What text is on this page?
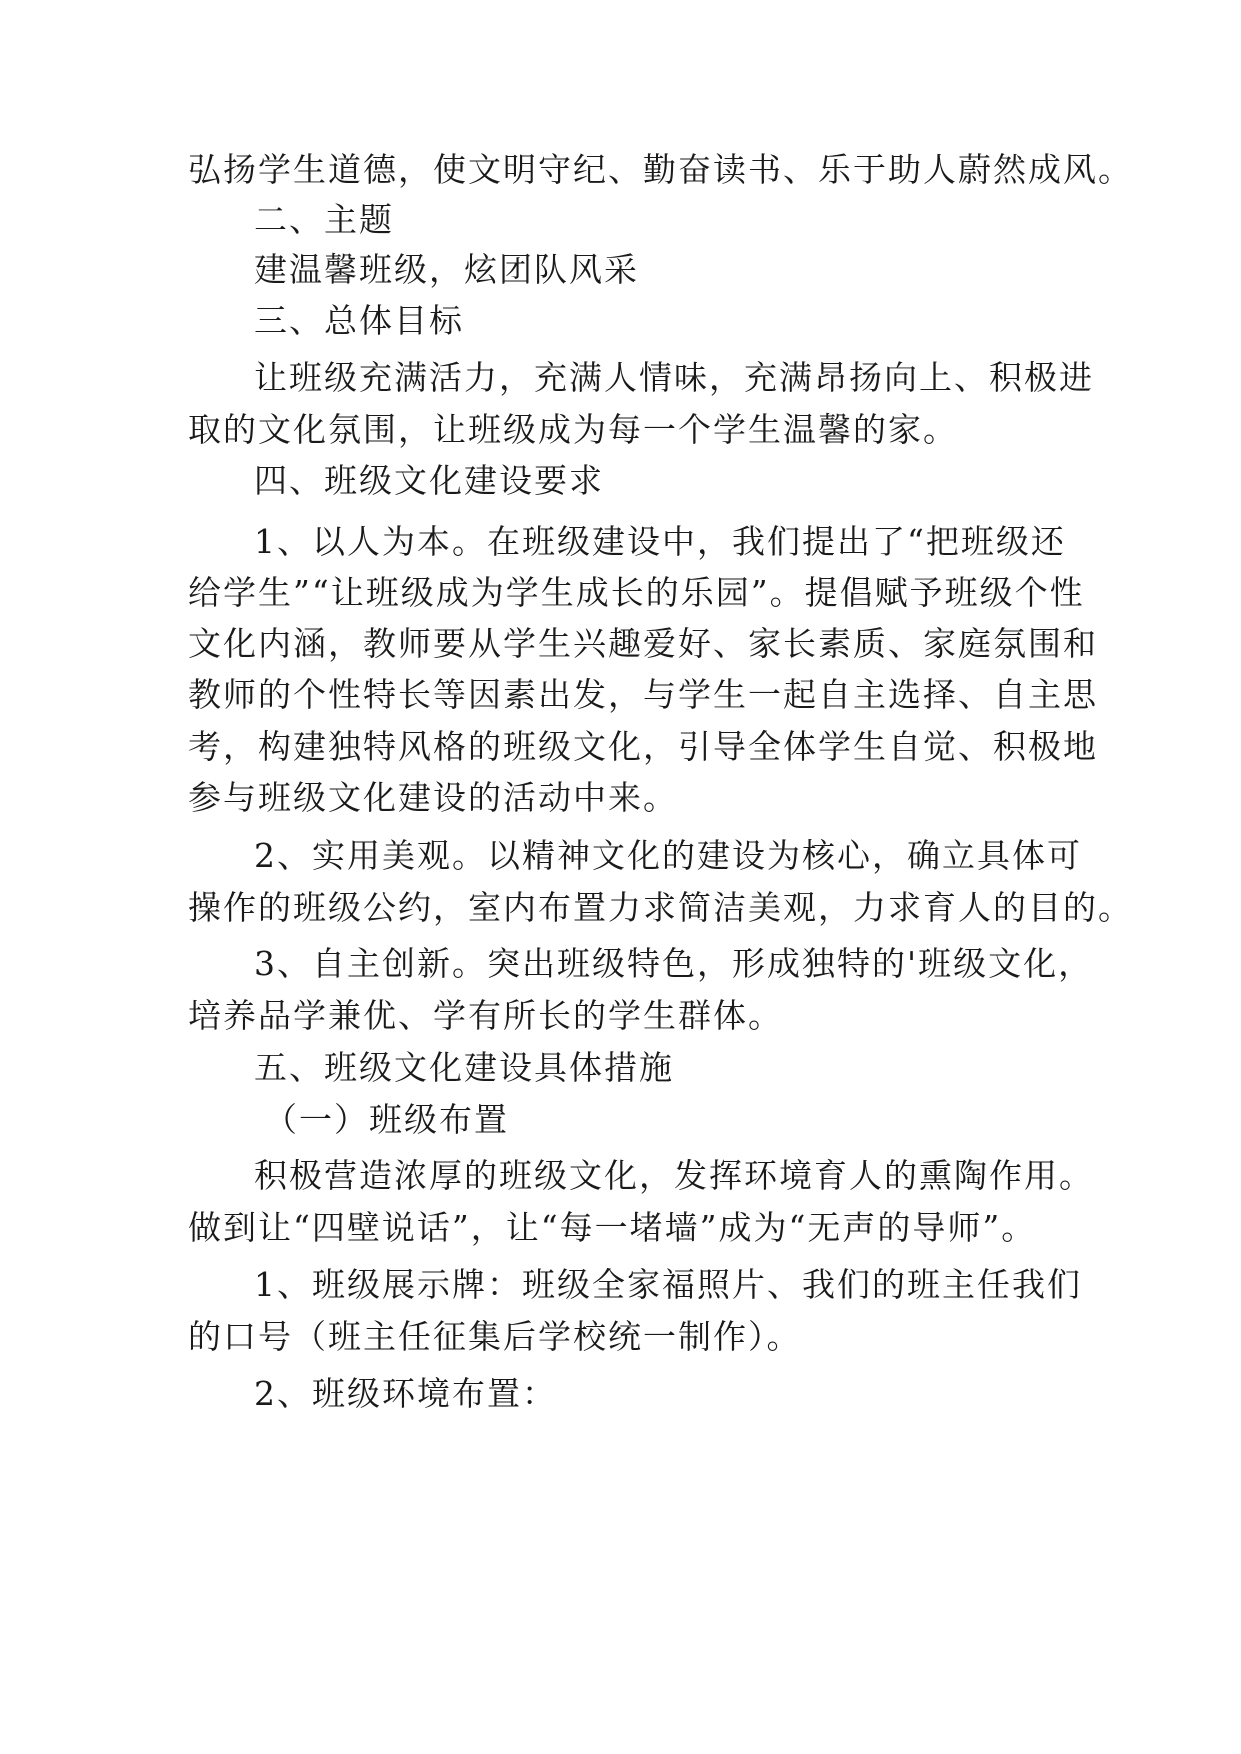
弘扬学生道德，使文明守纪、勤奋读书、乐于助人蔚然成风。
二、主题
建温馨班级，炫团队风采
三、总体目标
让班级充满活力，充满人情味，充满昂扬向上、积极进
取的文化氛围，让班级成为每一个学生温馨的家。
四、班级文化建设要求
1、以人为本。在班级建设中，我们提出了“把班级还
给学生”“让班级成为学生成长的乐园”。提倡赋予班级个性
文化内涵，教师要从学生兴趣爱好、家长素质、家庭氛围和
教师的个性特长等因素出发，与学生一起自主选择、自主思
考，构建独特风格的班级文化，引导全体学生自觉、积极地
参与班级文化建设的活动中来。
2、实用美观。以精神文化的建设为核心，确立具体可
操作的班级公约，室内布置力求简洁美观，力求育人的目的。
3、自主创新。突出班级特色，形成独特的'班级文化，
培养品学兼优、学有所长的学生群体。
五、班级文化建设具体措施
（一）班级布置
积极营造浓厚的班级文化，发挥环境育人的熏陶作用。
做到让“四壁说话”，让“每一堵墙”成为“无声的导师”。
1、班级展示牌：班级全家福照片、我们的班主任我们
的口号（班主任征集后学校统一制作）。
2、班级环境布置：
